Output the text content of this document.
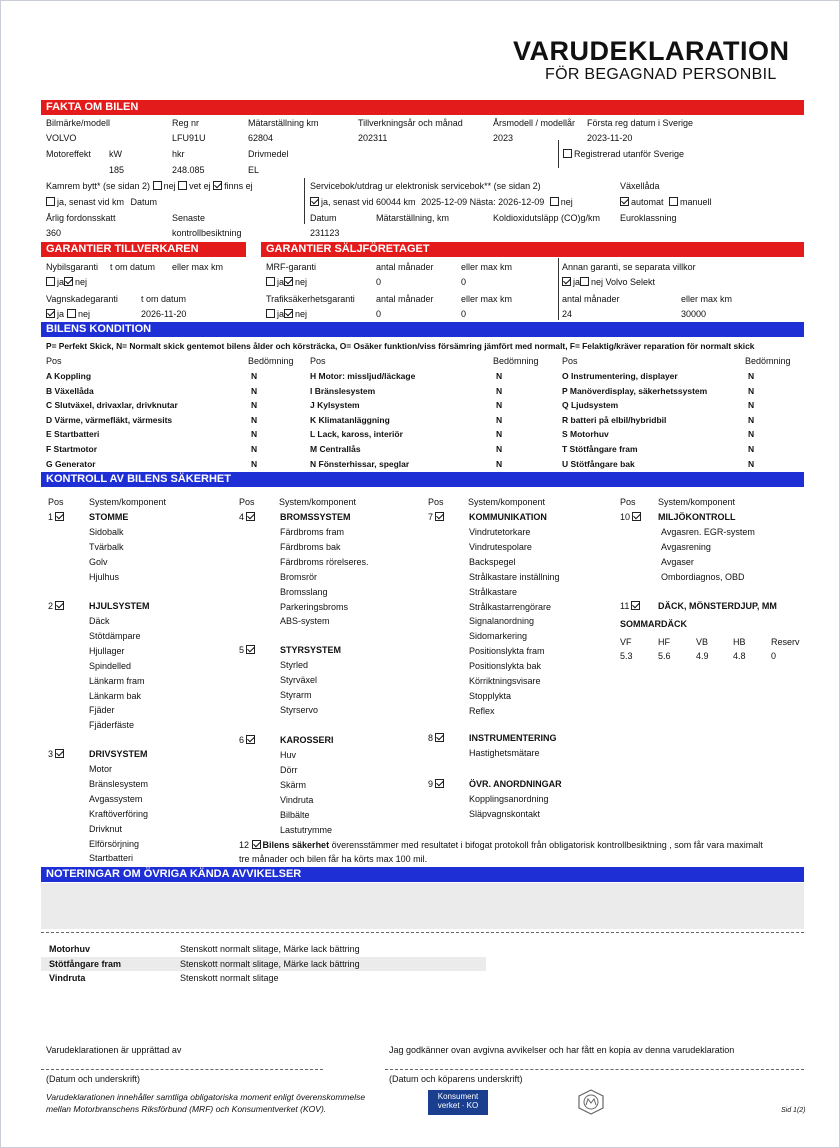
VARUDEKLARATION
FÖR BEGAGNAD PERSONBIL
FAKTA OM BILEN
Bilmärke/modell	Reg nr	Mätarställning km	Tillverkningsår och månad	Årsmodell / modellår Första reg datum i Sverige
VOLVO	LFU91U	62804	202311	2023	2023-11-20
Motoreffekt kW	hkr	Drivmedel	Registrerad utanför Sverige
185	248.085	EL
Kamrem bytt* (se sidan 2) nej vet ej finns ej	Servicebok/utdrag ur elektronisk servicebok** (se sidan 2)	Växellåda
ja, senast vid km Datum	ja, senast vid 60044 km 2025-12-09 Nästa: 2026-12-09 nej	automat manuell
Årlig fordonsskatt	Senaste	Datum	Mätarställning, km	Koldioxidutsläpp (CO)g/km Euroklassning
360	kontrollbesiktning	231123
GARANTIER TILLVERKAREN	GARANTIER SÄLJFÖRETAGET
Nybilsgaranti t om datum eller max km
ja nej
Vagnskadegaranti	t om datum
ja nej	2026-11-20
MRF-garanti	antal månader	eller max km
ja nej	0	0
Trafiksäkerhetsgaranti antal månader	eller max km
ja nej	0	0
Annan garanti, se separata villkor
ja nej Volvo Selekt
antal månader	eller max km
24	30000
BILENS KONDITION
P= Perfekt Skick, N= Normalt skick gentemot bilens ålder och körsträcka, O= Osäker funktion/viss försämring jämfört med normalt, F= Felaktig/kräver reparation för normalt skick
Pos	Bedömning Pos	Bedömning	Pos	Bedömning
A Koppling	N
B Växellåda	N
C Slutväxel, drivaxlar, drivknutar	N
D Värme, värmefläkt, värmesits	N
E Startbatteri	N
F Startmotor	N
G Generator	N
H Motor: missljud/läckage	N
I Bränslesystem	N
J Kylsystem	N
K Klimatanläggning	N
L Lack, kaross, interiör	N
M Centrallås	N
N Fönsterhissar, speglar	N
O Instrumentering, displayer	N
P Manöverdisplay, säkerhetssystem	N
Q Ljudsystem	N
R batteri på elbil/hybridbil	N
S Motorhuv	N
T Stötfångare fram	N
U Stötfångare bak	N
KONTROLL AV BILENS SÄKERHET
Pos	System/komponent	Pos	System/komponent	Pos	System/komponent	Pos System/komponent
1	STOMME
Sidobalk
Tvärbalk
Golv
Hjulhus
2	HJULSYSTEM
Däck
Stötdämpare
Hjullager
Spindelled
Länkarm fram
Länkarm bak
Fjäder
Fjäderfäste
3	DRIVSYSTEM
Motor
Bränslesystem
Avgassystem
Kraftöverföring
Drivknut
Elförsörjning
Startbatteri
4	BROMSSYSTEM
Färdbroms fram
Färdbroms bak
Färdbroms rörelseres.
Bromsrör
Bromsslang
Parkeringsbroms
ABS-system
5	STYRSYSTEM
Styrled
Styrväxel
Styrarm
Styrservo
6	KAROSSERI
Huv
Dörr
Skärm
Vindruta
Bilbälte
Lastutrymme
7	KOMMUNIKATION
Vindrutetorkare
Vindrutespolare
Backspegel
Strålkastare inställning
Strålkastare
Strålkastarrengörare
Signalanordning
Sidomarkering
Positionslykta fram
Positionslykta bak
Körriktningsvisare
Stopplykta
Reflex
8	INSTRUMENTERING
Hastighetsmätare
9	ÖVR. ANORDNINGAR
Kopplingsanordning
Släpvagnskontakt
10	MILJÖKONTROLL
Avgasren. EGR-system
Avgasrening
Avgaser
Ombordiagnos, OBD
11	DÄCK, MÖNSTERDJUP, MM
SOMMARDÄCK
VF
5.3
HF
5.6
VB
4.9
HB
4.8
Reserv
0
12 Bilens säkerhet överensstämmer med resultatet i bifogat protokoll från obligatorisk kontrollbesiktning , som får vara maximalt
tre månader och bilen får ha körts max 100 mil.
NOTERINGAR OM ÖVRIGA KÄNDA AVVIKELSER
Motorhuv	Stenskott normalt slitage, Märke lack bättring
Stötfångare fram	Stenskott normalt slitage, Märke lack bättring
Vindruta	Stenskott normalt slitage
Varudeklarationen är upprättad av	Jag godkänner ovan avgivna avvikelser och har fått en kopia av denna varudeklaration
(Datum och underskrift)	(Datum och köparens underskrift)
Varudeklarationen innehåller samtliga obligatoriska moment enligt överenskommelse
mellan Motorbranschens Riksförbund (MRF) och Konsumentverket (KOV).
Konsument
verket · KO
Sid 1(2)
